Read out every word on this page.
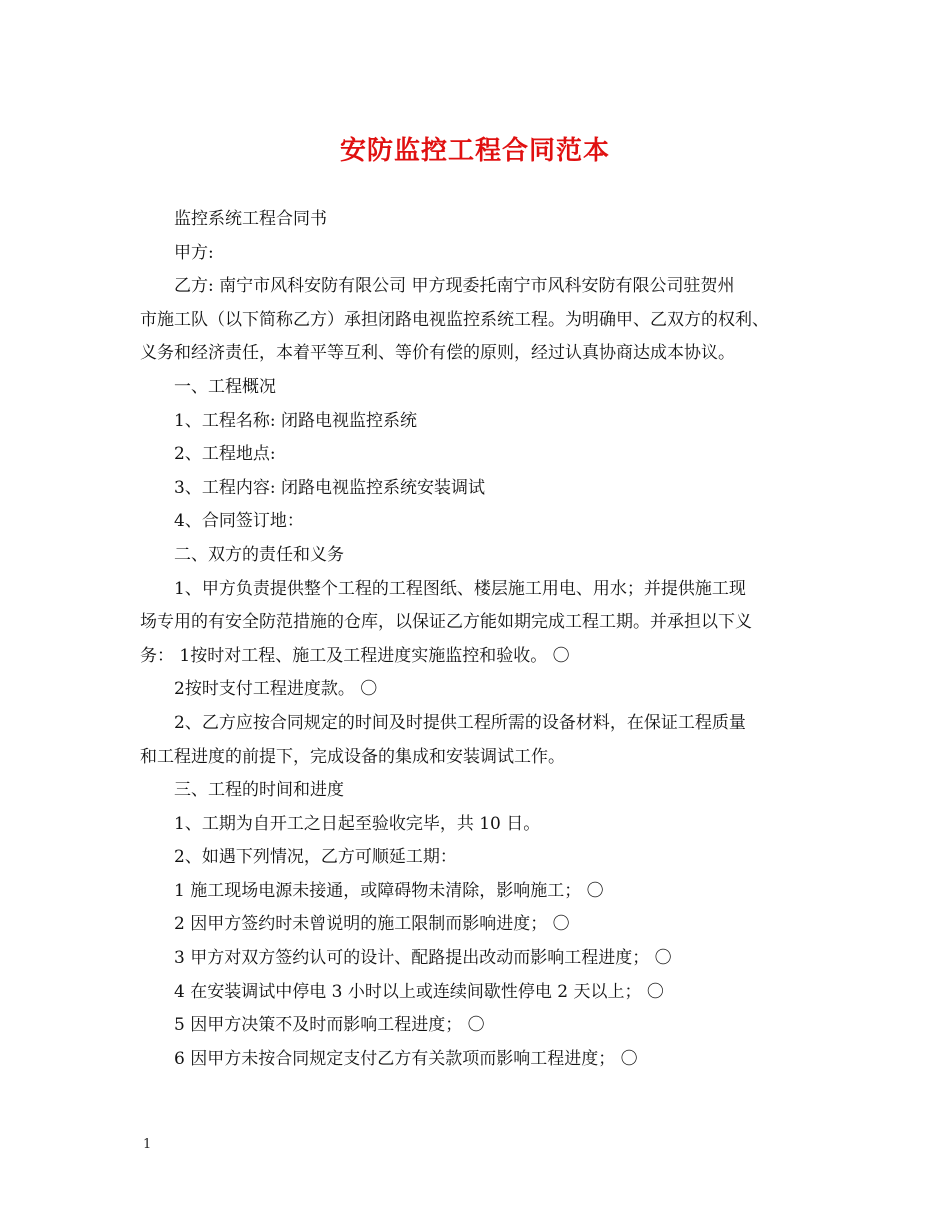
安防监控工程合同范本

监控系统工程合同书

甲方:

乙方: 南宁市风科安防有限公司 甲方现委托南宁市风科安防有限公司驻贺州
市施工队（以下简称乙方）承担闭路电视监控系统工程。为明确甲、乙双方的权利、
义务和经济责任，本着平等互利、等价有偿的原则，经过认真协商达成本协议。

一、工程概况

1、工程名称: 闭路电视监控系统

2、工程地点:

3、工程内容: 闭路电视监控系统安装调试

4、合同签订地：

二、双方的责任和义务

1、甲方负责提供整个工程的工程图纸、楼层施工用电、用水；并提供施工现
场专用的有安全防范措施的仓库，以保证乙方能如期完成工程工期。并承担以下义
务： 1按时对工程、施工及工程进度实施监控和验收。 〇

2按时支付工程进度款。 〇

2、乙方应按合同规定的时间及时提供工程所需的设备材料，在保证工程质量
和工程进度的前提下，完成设备的集成和安装调试工作。

三、工程的时间和进度

1、工期为自开工之日起至验收完毕，共 10 日。

2、如遇下列情况，乙方可顺延工期：

1 施工现场电源未接通，或障碍物未清除，影响施工； 〇

2 因甲方签约时未曾说明的施工限制而影响进度； 〇

3 甲方对双方签约认可的设计、配路提出改动而影响工程进度； 〇

4 在安装调试中停电 3 小时以上或连续间歇性停电 2 天以上； 〇

5 因甲方决策不及时而影响工程进度； 〇

6 因甲方未按合同规定支付乙方有关款项而影响工程进度； 〇

1
